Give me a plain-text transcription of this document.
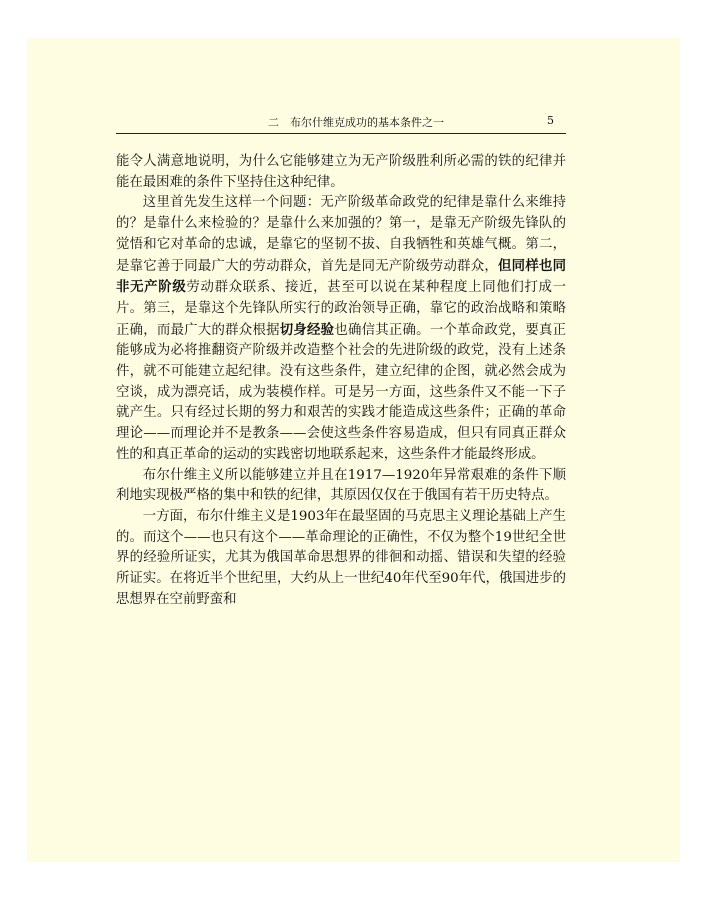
二　布尔什维克成功的基本条件之一	5

能令人满意地说明，为什么它能够建立为无产阶级胜利所必需的铁的纪律并能在最困难的条件下坚持住这种纪律。

这里首先发生这样一个问题：无产阶级革命政党的纪律是靠什么来维持的？是靠什么来检验的？是靠什么来加强的？第一，是靠无产阶级先锋队的觉悟和它对革命的忠诚，是靠它的坚韧不拔、自我牺牲和英雄气概。第二，是靠它善于同最广大的劳动群众，首先是同无产阶级劳动群众，但同样也同非无产阶级劳动群众联系、接近，甚至可以说在某种程度上同他们打成一片。第三，是靠这个先锋队所实行的政治领导正确，靠它的政治战略和策略正确，而最广大的群众根据切身经验也确信其正确。一个革命政党，要真正能够成为必将推翻资产阶级并改造整个社会的先进阶级的政党，没有上述条件，就不可能建立起纪律。没有这些条件，建立纪律的企图，就必然会成为空谈，成为漂亮话，成为装模作样。可是另一方面，这些条件又不能一下子就产生。只有经过长期的努力和艰苦的实践才能造成这些条件；正确的革命理论——而理论并不是教条——会使这些条件容易造成，但只有同真正群众性的和真正革命的运动的实践密切地联系起来，这些条件才能最终形成。

布尔什维主义所以能够建立并且在1917—1920年异常艰难的条件下顺利地实现极严格的集中和铁的纪律，其原因仅仅在于俄国有若干历史特点。

一方面，布尔什维主义是1903年在最坚固的马克思主义理论基础上产生的。而这个——也只有这个——革命理论的正确性，不仅为整个19世纪全世界的经验所证实，尤其为俄国革命思想界的徘徊和动摇、错误和失望的经验所证实。在将近半个世纪里，大约从上一世纪40年代至90年代，俄国进步的思想界在空前野蛮和
